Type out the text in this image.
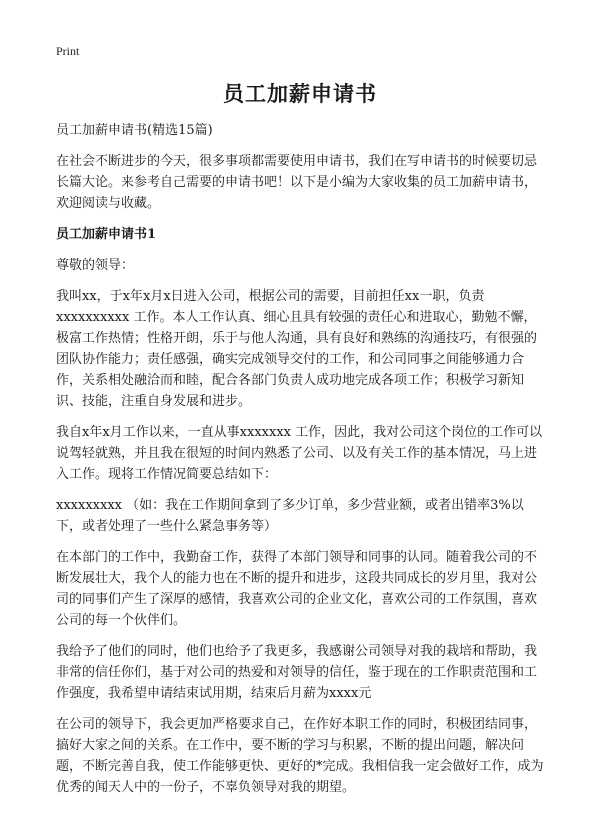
Print
员工加薪申请书

员工加薪申请书(精选15篇)

在社会不断进步的今天，很多事项都需要使用申请书，我们在写申请书的时候要切忌长篇大论。来参考自己需要的申请书吧！以下是小编为大家收集的员工加薪申请书，欢迎阅读与收藏。

员工加薪申请书1

尊敬的领导：

我叫xx，于x年x月x日进入公司，根据公司的需要，目前担任xx一职，负责xxxxxxxxxx 工作。本人工作认真、细心且具有较强的责任心和进取心，勤勉不懈，极富工作热情；性格开朗，乐于与他人沟通，具有良好和熟练的沟通技巧，有很强的团队协作能力；责任感强，确实完成领导交付的工作，和公司同事之间能够通力合作，关系相处融洽而和睦，配合各部门负责人成功地完成各项工作；积极学习新知识、技能，注重自身发展和进步。

我自x年x月工作以来，一直从事xxxxxxx 工作，因此，我对公司这个岗位的工作可以说驾轻就熟，并且我在很短的时间内熟悉了公司、以及有关工作的基本情况，马上进入工作。现将工作情况简要总结如下：

xxxxxxxxx （如：我在工作期间拿到了多少订单，多少营业额，或者出错率3%以下，或者处理了一些什么紧急事务等）

在本部门的工作中，我勤奋工作，获得了本部门领导和同事的认同。随着我公司的不断发展壮大，我个人的能力也在不断的提升和进步，这段共同成长的岁月里，我对公司的同事们产生了深厚的感情，我喜欢公司的企业文化，喜欢公司的工作氛围，喜欢公司的每一个伙伴们。

我给予了他们的同时，他们也给予了我更多，我感谢公司领导对我的栽培和帮助，我非常的信任你们，基于对公司的热爱和对领导的信任，鉴于现在的工作职责范围和工作强度，我希望申请结束试用期，结束后月薪为xxxx元

在公司的领导下，我会更加严格要求自己，在作好本职工作的同时，积极团结同事，搞好大家之间的关系。在工作中，要不断的学习与积累，不断的提出问题，解决问题，不断完善自我，使工作能够更快、更好的*完成。我相信我一定会做好工作，成为优秀的闻天人中的一份子，不辜负领导对我的期望。
